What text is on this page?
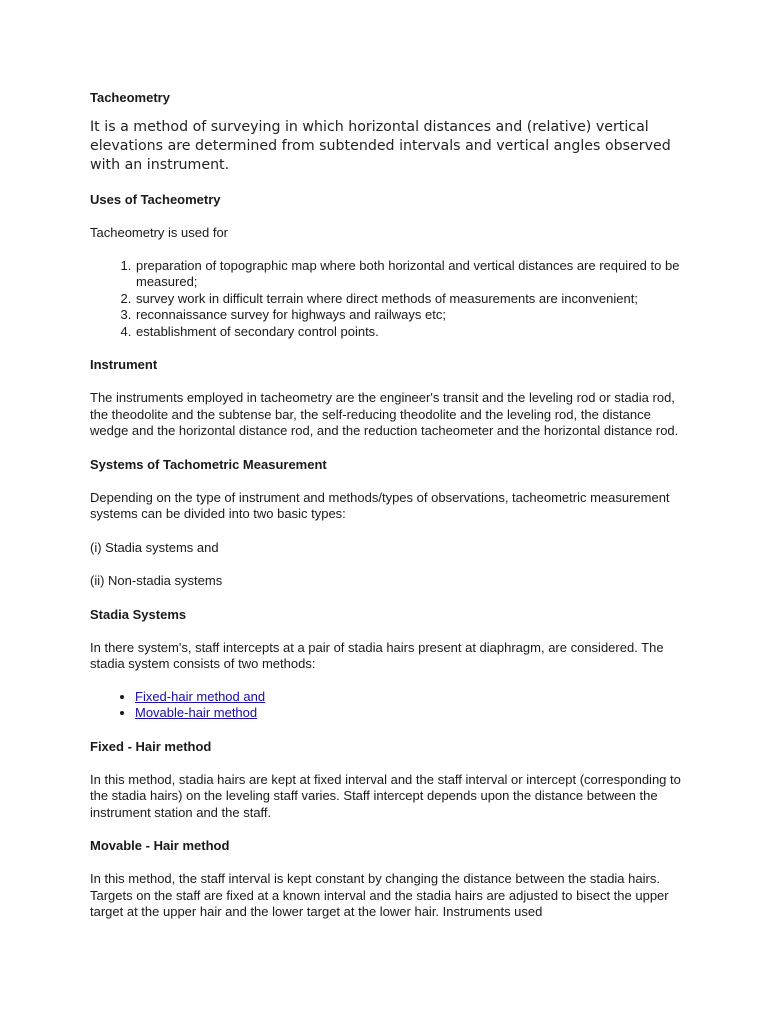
Tacheometry

It is a method of surveying in which horizontal distances and (relative) vertical elevations are determined from subtended intervals and vertical angles observed with an instrument.

Uses of Tacheometry

Tacheometry is used for

1. preparation of topographic map where both horizontal and vertical distances are required to be measured;
2. survey work in difficult terrain where direct methods of measurements are inconvenient;
3. reconnaissance survey for highways and railways etc;
4. establishment of secondary control points.
Instrument

The instruments employed in tacheometry are the engineer's transit and the leveling rod or stadia rod, the theodolite and the subtense bar, the self-reducing theodolite and the leveling rod, the distance wedge and the horizontal distance rod, and the reduction tacheometer and the horizontal distance rod.

Systems of Tachometric Measurement

Depending on the type of instrument and methods/types of observations, tacheometric measurement systems can be divided into two basic types:

(i) Stadia systems and

(ii) Non-stadia systems

Stadia Systems

In there system's, staff intercepts at a pair of stadia hairs present at diaphragm, are considered. The stadia system consists of two methods:

• Fixed-hair method and
• Movable-hair method
Fixed - Hair method

In this method, stadia hairs are kept at fixed interval and the staff interval or intercept (corresponding to the stadia hairs) on the leveling staff varies. Staff intercept depends upon the distance between the instrument station and the staff.

Movable - Hair method

In this method, the staff interval is kept constant by changing the distance between the stadia hairs. Targets on the staff are fixed at a known interval and the stadia hairs are adjusted to bisect the upper target at the upper hair and the lower target at the lower hair. Instruments used
